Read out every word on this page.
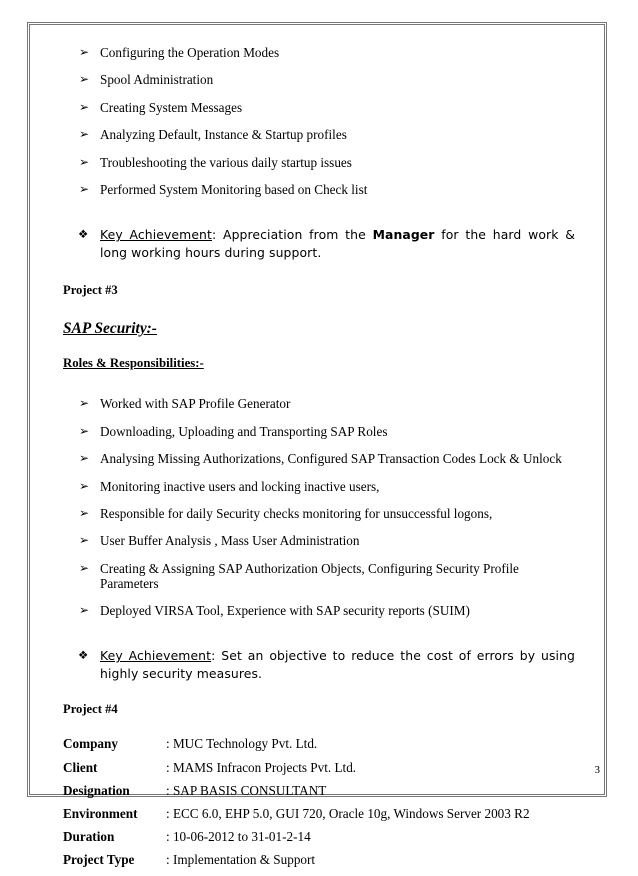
➢ Configuring the Operation Modes
➢ Spool Administration
➢ Creating System Messages
➢ Analyzing Default, Instance & Startup profiles
➢ Troubleshooting the various daily startup issues
➢ Performed System Monitoring based on Check list
❖ Key Achievement: Appreciation from the Manager for the hard work & long working hours during support.
Project #3
SAP Security:-
Roles & Responsibilities:-
➢ Worked with SAP Profile Generator
➢ Downloading, Uploading and Transporting SAP Roles
➢ Analysing Missing Authorizations, Configured SAP Transaction Codes Lock & Unlock
➢ Monitoring inactive users and locking inactive users,
➢ Responsible for daily Security checks monitoring for unsuccessful logons,
➢ User Buffer Analysis , Mass User Administration
➢ Creating & Assigning SAP Authorization Objects, Configuring Security Profile Parameters
➢ Deployed VIRSA Tool, Experience with SAP security reports (SUIM)
❖ Key Achievement: Set an objective to reduce the cost of errors by using highly security measures.
Project #4
Company	: MUC Technology Pvt. Ltd.
Client	: MAMS Infracon Projects Pvt. Ltd.
Designation	: SAP BASIS CONSULTANT
Environment	: ECC 6.0, EHP 5.0, GUI 720, Oracle 10g, Windows Server 2003 R2
Duration	: 10-06-2012 to 31-01-2-14
Project Type	: Implementation & Support
3
